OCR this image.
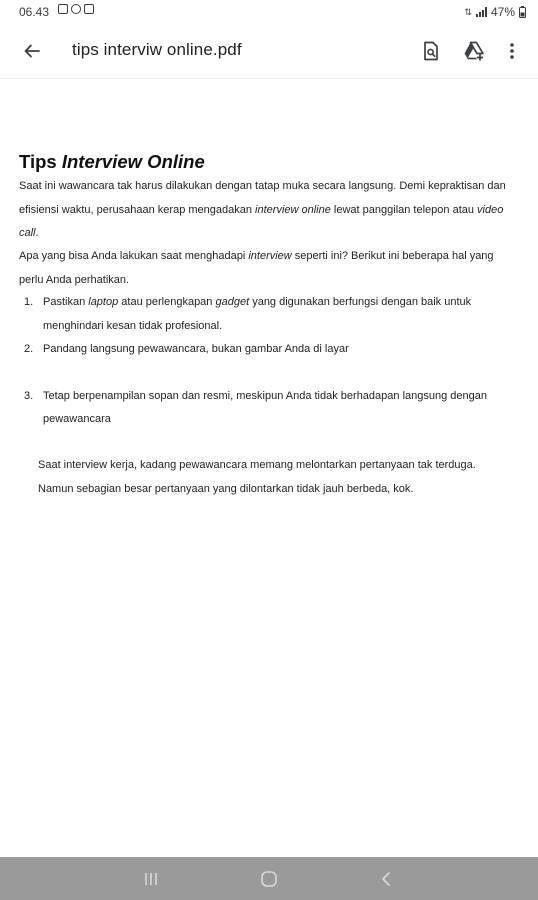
06.43	⇅ 47%
tips interviw online.pdf
Tips Interview Online
Saat ini wawancara tak harus dilakukan dengan tatap muka secara langsung. Demi kepraktisan dan efisiensi waktu, perusahaan kerap mengadakan interview online lewat panggilan telepon atau video call.
Apa yang bisa Anda lakukan saat menghadapi interview seperti ini? Berikut ini beberapa hal yang perlu Anda perhatikan.
1. Pastikan laptop atau perlengkapan gadget yang digunakan berfungsi dengan baik untuk menghindari kesan tidak profesional.
2. Pandang langsung pewawancara, bukan gambar Anda di layar
3. Tetap berpenampilan sopan dan resmi, meskipun Anda tidak berhadapan langsung dengan pewawancara
Saat interview kerja, kadang pewawancara memang melontarkan pertanyaan tak terduga. Namun sebagian besar pertanyaan yang dilontarkan tidak jauh berbeda, kok.
